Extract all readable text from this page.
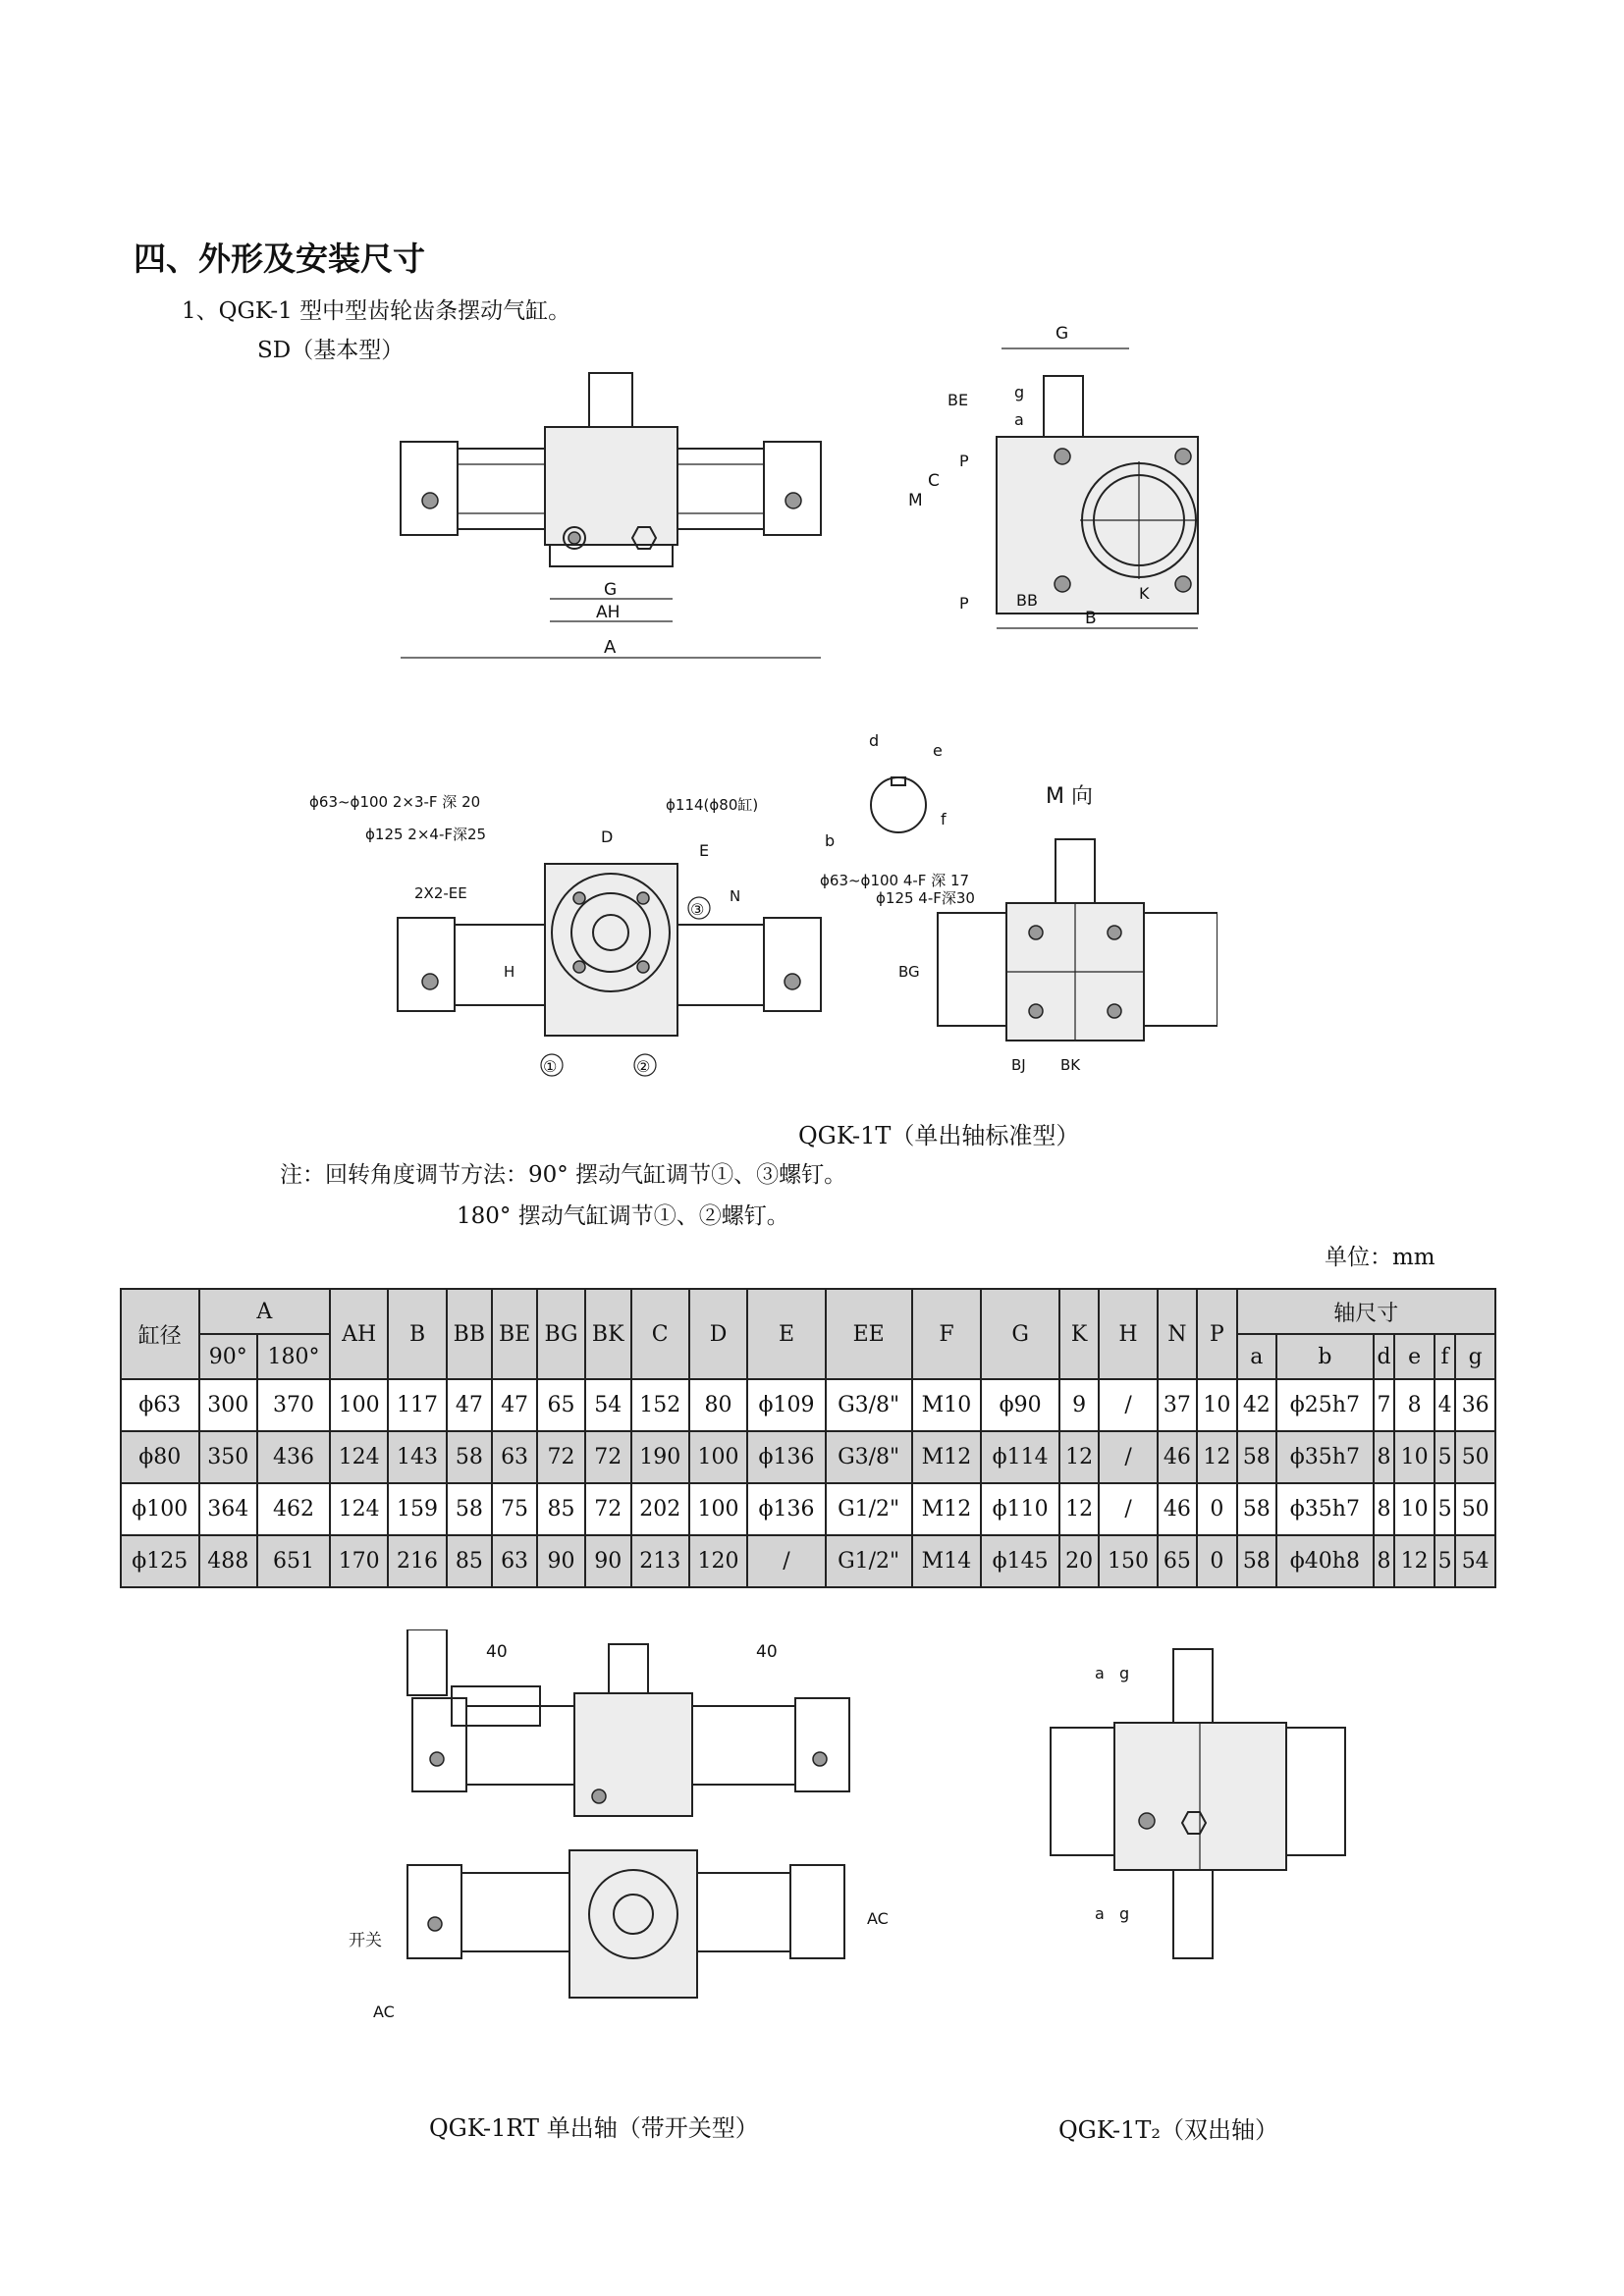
四、外形及安装尺寸
1、QGK-1 型中型齿轮齿条摆动气缸。
SD（基本型）
G
AH
A
G
BE	g
a
C
P
M
P	BB	K
B
ϕ63~ϕ100 2×3-F 深 20
ϕ125 2×4-F深25
ϕ114(ϕ80缸)
D
E
2X2-EE	N
H
①	②
③
d
e
b
f
M 向
ϕ63~ϕ100 4-F 深 17
ϕ125 4-F深30
BG
BJ BK
QGK-1T（单出轴标准型）
注：回转角度调节方法：90° 摆动气缸调节①、③螺钉。
180° 摆动气缸调节①、②螺钉。
单位：mm
缸径	A		AH	B	BB	BE	BG	BK	C	D	E	EE	F	G	K	H	N	P	轴尺寸					
	90°	180°																	a	b	d	e	f	g
ϕ63	300	370	100	117	47	47	65	54	152	80	ϕ109	G3/8"	M10	ϕ90	9	/	37	10	42	ϕ25h7	7	8	4	36
ϕ80	350	436	124	143	58	63	72	72	190	100	ϕ136	G3/8"	M12	ϕ114	12	/	46	12	58	ϕ35h7	8	10	5	50
ϕ100	364	462	124	159	58	75	85	72	202	100	ϕ136	G1/2"	M12	ϕ110	12	/	46	0	58	ϕ35h7	8	10	5	50
ϕ125	488	651	170	216	85	63	90	90	213	120	/	G1/2"	M14	ϕ145	20	150	65	0	58	ϕ40h8	8	12	5	54
40	40
开关
AC
AC
a g
a g
QGK-1RT 单出轴（带开关型）	QGK-1T₂（双出轴）
